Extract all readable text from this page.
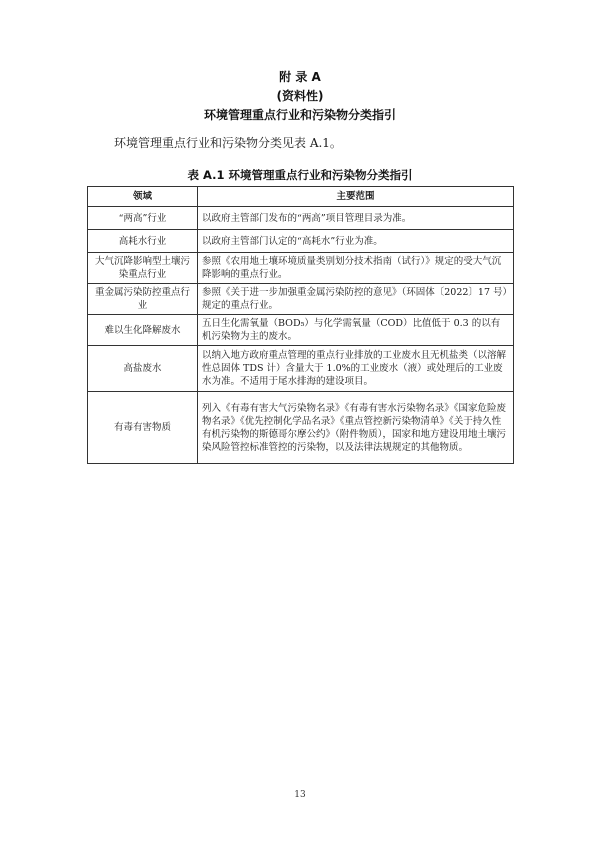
附 录 A
(资料性)
环境管理重点行业和污染物分类指引
环境管理重点行业和污染物分类见表 A.1。
表 A.1 环境管理重点行业和污染物分类指引
领域	主要范围
“两高”行业	以政府主管部门发布的“两高”项目管理目录为准。
高耗水行业	以政府主管部门认定的“高耗水”行业为准。
大气沉降影响型土壤污染重点行业	参照《农用地土壤环境质量类别划分技术指南（试行）》规定的受大气沉降影响的重点行业。
重金属污染防控重点行业	参照《关于进一步加强重金属污染防控的意见》（环固体〔2022〕17 号）规定的重点行业。
难以生化降解废水	五日生化需氧量（BOD₅）与化学需氧量（COD）比值低于 0.3 的以有机污染物为主的废水。
高盐废水	以纳入地方政府重点管理的重点行业排放的工业废水且无机盐类（以溶解性总固体 TDS 计）含量大于 1.0%的工业废水（液）或处理后的工业废水为准。不适用于尾水排海的建设项目。
有毒有害物质	列入《有毒有害大气污染物名录》《有毒有害水污染物名录》《国家危险废物名录》《优先控制化学品名录》《重点管控新污染物清单》《关于持久性有机污染物的斯德哥尔摩公约》（附件物质），国家和地方建设用地土壤污染风险管控标准管控的污染物，以及法律法规规定的其他物质。
13
